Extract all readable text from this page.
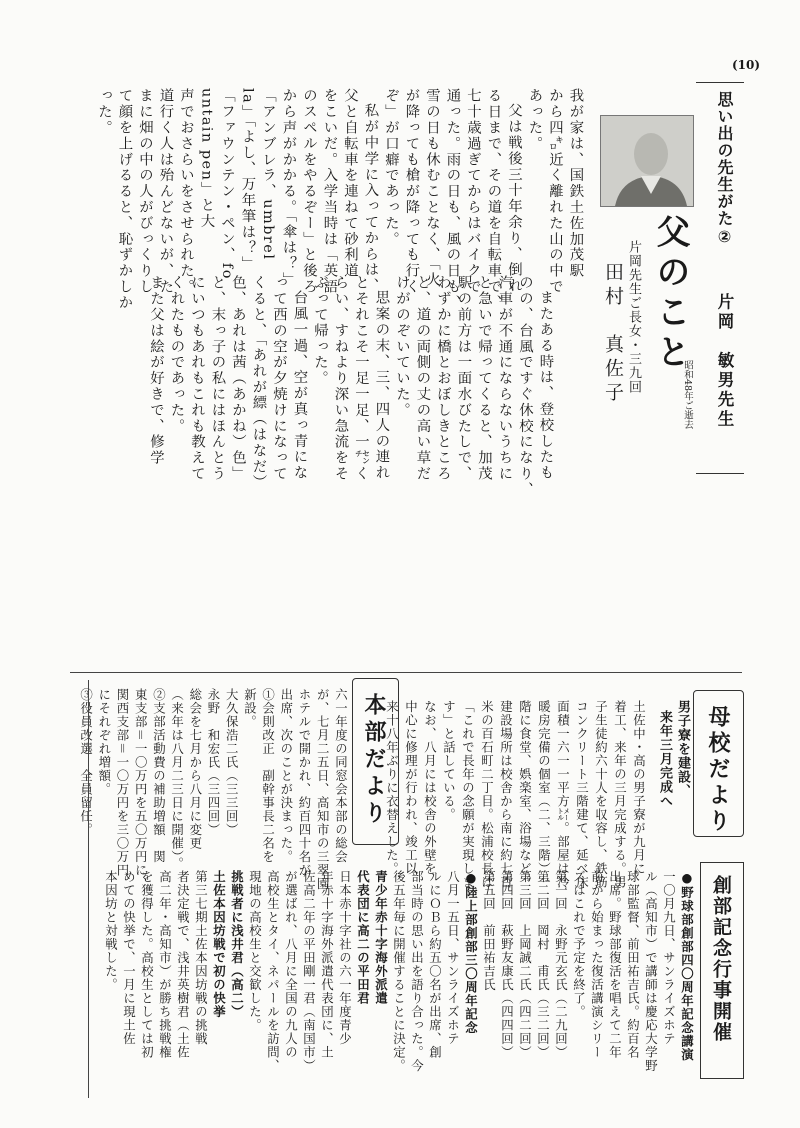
(10)
思い出の先生がた②
片岡　敏男先生
昭和48年ご逝去
父のこと
片岡先生ご長女・三九回
田村　真佐子
我が家は、国鉄土佐加茂駅
から四㌔近く離れた山の中で
あった。
父は戦後三十年余り、倒れ
る日まで、その道を自転車で、
七十歳過ぎてからはバイクで
通った。雨の日も、風の日も、
雪の日も休むことなく、「火
が降っても槍が降っても行く
ぞ」が口癖であった。
私が中学に入ってからは、
父と自転車を連ねて砂利道
をこいだ。入学当時は「英語
のスペルをやるぞー」と後ろ
から声がかかる。「傘は？」
「アンブレラ、umbrel
la」「よし、万年筆は？」
「ファウンテン・ペン、fo
untain pen」と大
声でおさらいをさせられた。
道行く人は殆んどないが、た
まに畑の中の人がびっくりし
て顔を上げるると、恥ずかしか
った。
またある時は、登校したも
のの、台風ですぐ休校になり、
汽車が不通にならないうちに
と急いで帰ってくると、加茂
駅の前方は一面水びたしで、
わずかに橋とおぼしきところ
と、道の両側の丈の高い草だ
けがのぞいていた。
思案の末、三、四人の連れ
とそれこそ一足一足、一㌢く
らい、すねより深い急流をそ
ぶって帰った。
台風一過、空が真っ青にな
って西の空が夕焼けになって
くると、「あれが縹（はなだ）
色、あれは茜（あかね）色」
と、末っ子の私にはほんとう
にいつもあれもこれも教えて
くれたものであった。
また父は絵が好きで、修学
母校だより
男子寮を建設、
来年三月完成へ
土佐中・高の男子寮が九月に
着工、来年の三月完成する。男
子生徒約六十人を収容し、鉄筋
コンクリート三階建て、延べ床
面積一六一一平方㍍。部屋は冷
暖房完備の個室（二、三階）一
階に食堂、娯楽室、浴場など。
建設場所は校舎から南に約七百
米の百石町二丁目。松浦校長は
「これで長年の念願が実現しま
す」と話している。
なお、八月には校舎の外壁を
中心に修理が行われ、竣工以
来十八年ぶりに衣替えした。
本部だより
六一年度の同窓会本部の総会
が、七月二五日、高知市の三翠園
ホテルで開かれ、約百四十名が
出席、次のことが決まった。
①会則改正　副幹事長二名を
新設。
大久保浩二氏（三三回）
永野　和宏氏（三四回）
総会を七月から八月に変更
（来年は八月二三日に開催）。
②支部活動費の補助増額　関
東支部＝一〇万円を五〇万円に、
関西支部＝一〇万円を三〇万円
にそれぞれ増額。
③役員改選　全員留任。
創部記念行事開催
●野球部創部四〇周年記念講演
一〇月九日、サンライズホテ
ル（高知市）で講師は慶応大学野
球部監督、前田祐吉氏。約百名
出席。野球部復活を唱えて二年
前から始まった復活講演シリー
ズはこれで予定を終了。
第一回　永野元玄氏（二九回）
第二回　岡村　甫氏（三二回）
第三回　上岡誠二氏（四二回）
第四回　萩野友康氏（四四回）
第五回　前田祐吉氏
●陸上部創部三〇周年記念
八月一五日、サンライズホテ
ルにＯＢら約五〇名が出席、創
部当時の思い出を語り合った。今
後五年毎に開催することに決定。
青少年赤十字海外派遣
代表団に高二の平田君
日本赤十字社の六一年度青少
年赤十字海外派遣代表団に、土
佐高二年の平田剛一君（南国市）
が選ばれ、八月に全国の九人の
高校生とタイ、ネパールを訪問、
現地の高校生と交歓した。
挑戦者に浅井君（高二）
土佐本因坊戦で初の快挙
第三七期土佐本因坊戦の挑戦
者決定戦で、浅井英樹君（土佐
高二年・高知市）が勝ち挑戦権
を獲得した。高校生としては初
めての快挙で、一月に現土佐
本因坊と対戦した。
